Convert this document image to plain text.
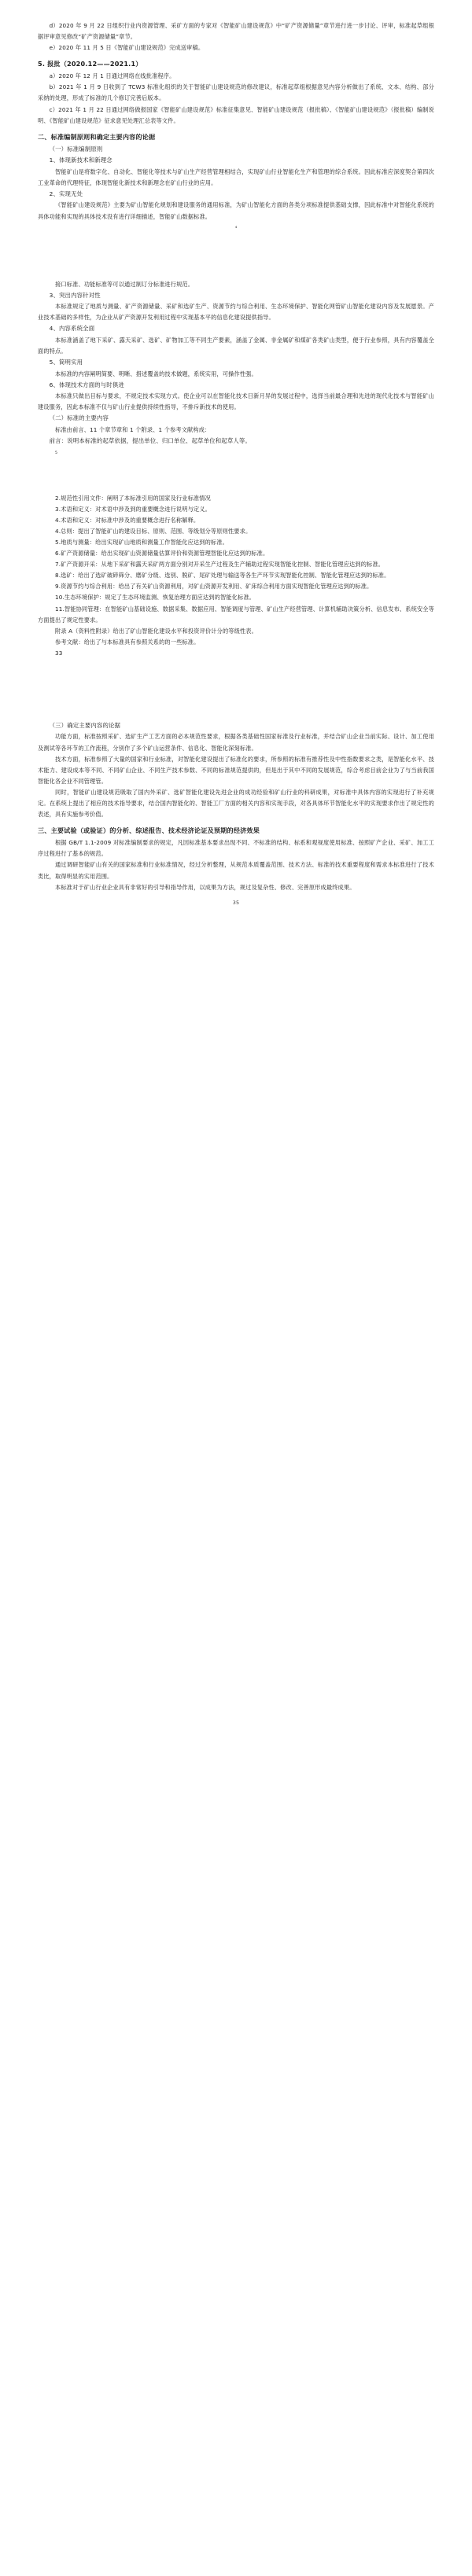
d）2020 年 9 月 22 日组织行业内资源管理、采矿方面的专家对《智能矿山建设规范》中“矿产资源储量”章节进行进一步讨论、评审，标准起草组根据评审意见修改“矿产资源储量”章节。

e）2020 年 11 月 5 日《智能矿山建设规范》完成送审稿。

5. 报批（2020.12——2021.1）

a）2020 年 12 月 1 日通过网络在线批准程序。

b）2021 年 1 月 9 日收到了 TCW3 标准化组织的关于智能矿山建设规范的修改建议，标准起草组根据意见内容分析做出了系统、文本、结构、部分采纳的处理，形成了标准的几个修订完善后版本。

c）2021 年 1 月 22 日通过网络做报国家《智能矿山建设规范》标准征集意见、智能矿山建设规范（报批稿）、《智能矿山建设规范》（报批稿）编制说明、《智能矿山建设规范》征求意见处理汇总表等文件。

二、标准编制原则和确定主要内容的论据
（一）标准编制原则
1、体现新技术和新理念

智能矿山是将数字化、自动化、智能化等技术与矿山生产经营管理相结合，实现矿山行业智能化生产和管理的综合系统。因此标准应深度契合第四次工业革命的代理特征，体现智能化新技术和新理念在矿山行业的应用。

2、实现无处

《智能矿山建设规范》主要为矿山智能化规划和建设服务的通用标准，为矿山智能化方面的各类分项标准提供基础支撑，因此标准中对智能化系统的具体功能和实现的具体技术没有进行详细描述，智能矿山数据标准。

₄

接口标准、功能标准等可以通过制订分标准进行规范。

3、突出内容针对性

本标准规定了地质与测量、矿产资源储量、采矿和选矿生产、资源节约与综合利用、生态环境保护、智能化网管矿山智能化建设内容及发展愿景。产业技术基础的多样性，为企业从矿产资源开发利用过程中实现基本平的信息化建设提供指导。

4、内容系统全面

本标准涵盖了地下采矿、露天采矿、选矿、矿物加工等不同生产要素，涵盖了金属、非金属矿和煤矿各类矿山类型，便于行业参照，具有内容覆盖全面的特点。

5、简明实用

本标准的内容阐明简要、明晰、措述覆盖的技术做题，系统实用，可操作性强。

6、体现技术方面的与时俱进

本标准只做出目标与要求，不规定技术实现方式。使企业可以在智能化技术日新月异的发展过程中，选择当前最合理和先进的现代化技术与智能矿山建设服务，因此本标准不仅与矿山行业提供持续性指导，不排斥新技术的使用。

（二）标准的主要内容

标准由前言、11 个章节章和 1 个附录、1 个参考文献构成：

前言：说明本标准的起草依据，提出单位、归口单位、起草单位和起草人等。

₅

2.规范性引用文件：阐明了本标准引用的国家及行业标准情况

3.术语和定义：对术语中涉及到的重要概念进行说明与定义。

4.术语和定义：对标准中涉及的重要概念进行名称解释。

4.总则：提出了智能矿山的建设目标、原则、范围、等级划分等原则性要求。

5.地质与测量：给出实现矿山地质和测量工作智能化应达到的标准。

6.矿产资源储量：给出实现矿山资源储量估算评价和资源管理智能化应达到的标准。

7.矿产资源开采：从地下采矿和露天采矿两方面分别对开采生产过程及生产辅助过程实现智能化控制、智能化管理应达到的标准。

8.选矿：给出了选矿破碎筛分、磨矿分级、选别、脱矿、尾矿处理与输送等各生产环节实现智能化控制、智能化管理应达到的标准。

9.资源节约与综合利用：给出了有关矿山资源利用，对矿山资源开发利用、矿床综合利用方面实现智能化管理应达到的标准。

10.生态环境保护：规定了生态环境监测、恢复治理方面应达到的智能化标准。

11.智能协同管理：在智能矿山基础设施、数据采集、数据应用、智能调度与管理、矿山生产经营管理、计算机辅助决策分析、信息发布、系统安全等方面提出了规定性要求。

附录 A（资料性附录）给出了矿山智能化建设水平和投资评价计分的等级性表。

参考文献：给出了与本标准具有参照关系的的一些标准。

33

（三）确定主要内容的论据

功能方面，标准按照采矿、选矿生产工艺方面的必本规范性要求，根据各类基础性国家标准及行业标准，并结合矿山企业当前实际、设计、加工使用及测试等各环节的工作流程，分别作了多个矿山运营条件、信息化、智能化深刻标准。

技术方面，标准参照了大量的国家和行业标准，对智能化建设提出了标准化的要求，所参照的标准有推荐性及中性指数要求之类，是智能化水平、技术能力、建设成本等不同、不同矿山企业、不同生产技术参数、不同的标准规范提供的，但是出于其中不同的发展规范，综合考虑目前企业为了与当前我国智能化各企业不同管理管。

同时，智能矿山建设规范吸取了国内外采矿、选矿智能化建设先进企业的成功经验和矿山行业的科研成果，对标准中具体内容的实现进行了补充规定。在系统上提出了相应的技术指导要求，结合国内智能化的、智能工厂方面的相关内容和实现手段，对各具体环节智能化水平的实现要求作出了规定性的表述，具有实施参考价值。

三、主要试验（或验证）的分析、综述报告、技术经济论证及预期的经济效果

根据 GB/T 1.1-2009 对标准编制要求的规定，凡因标准基本要求出现不同、不标准的结构、标系和观视度使用标准、按照矿产企业、采矿、加工工序过程进行了基本的规范。

通过调研智能矿山有关的国家标准和行业标准情况，经过分析整理，从规范本质覆盖范围、技术方法、标准的技术重要程度和需求本标准进行了技术类比，取得明显的实用范围。

本标准对于矿山行业企业具有非常好的引导和指导作用，以成果为方法，规过及复杂性、修改、完善原形成最终成果。

35
